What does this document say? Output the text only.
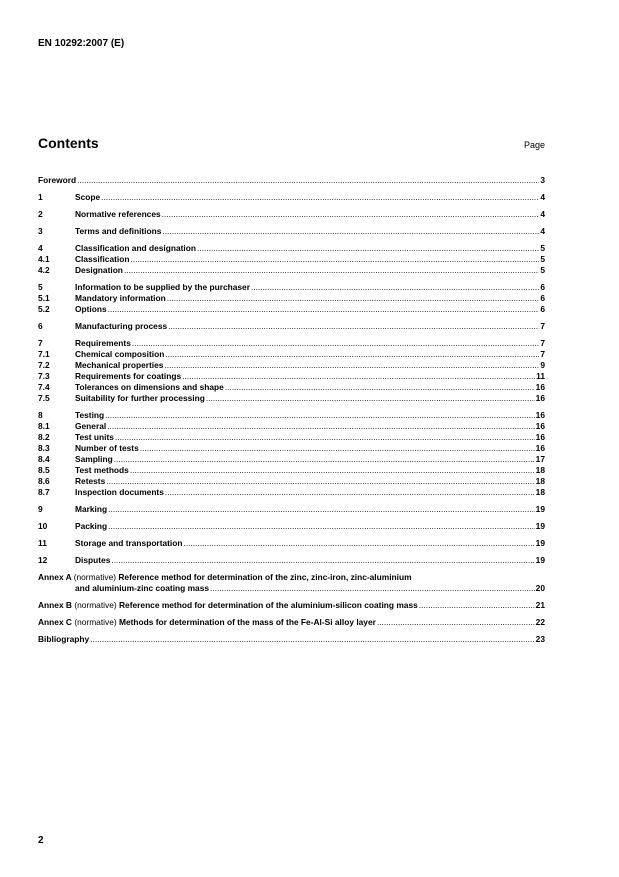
EN 10292:2007 (E)
Contents	Page
Foreword .....	3
1	Scope .....	4
2	Normative references .....	4
3	Terms and definitions .....	4
4	Classification and designation .....	5
4.1	Classification .....	5
4.2	Designation .....	5
5	Information to be supplied by the purchaser .....	6
5.1	Mandatory information .....	6
5.2	Options .....	6
6	Manufacturing process .....	7
7	Requirements .....	7
7.1	Chemical composition .....	7
7.2	Mechanical properties .....	9
7.3	Requirements for coatings .....	11
7.4	Tolerances on dimensions and shape .....	16
7.5	Suitability for further processing .....	16
8	Testing .....	16
8.1	General .....	16
8.2	Test units .....	16
8.3	Number of tests .....	16
8.4	Sampling .....	17
8.5	Test methods .....	18
8.6	Retests .....	18
8.7	Inspection documents .....	18
9	Marking .....	19
10	Packing .....	19
11	Storage and transportation .....	19
12	Disputes .....	19
Annex A (normative) Reference method for determination of the zinc, zinc-iron, zinc-aluminium
and aluminium-zinc coating mass .....	20
Annex B (normative) Reference method for determination of the aluminium-silicon coating mass .....	21
Annex C (normative) Methods for determination of the mass of the Fe-Al-Si alloy layer .....	22
Bibliography .....	23
2
